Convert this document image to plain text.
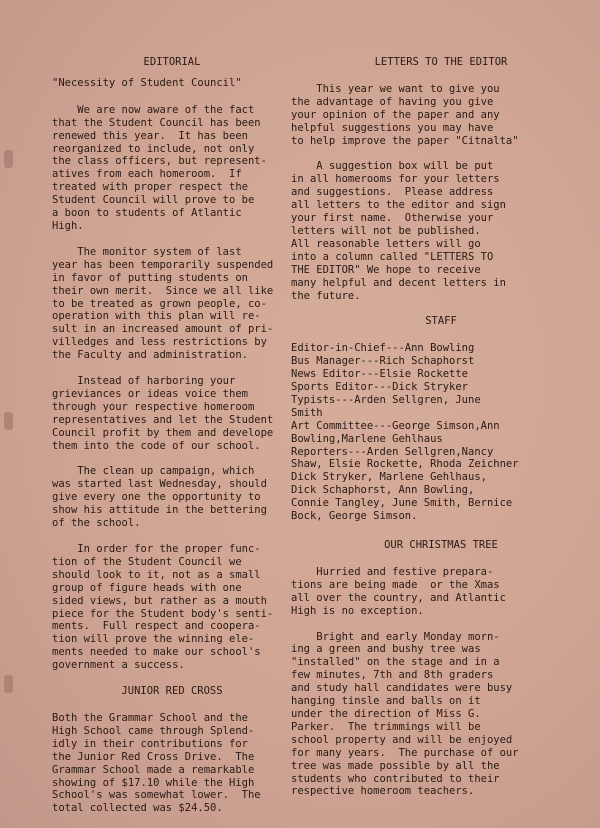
EDITORIAL

"Necessity of Student Council"

We are now aware of the fact
that the Student Council has been
renewed this year.  It has been
reorganized to include, not only
the class officers, but represent-
atives from each homeroom.  If
treated with proper respect the
Student Council will prove to be
a boon to students of Atlantic
High.
The monitor system of last
year has been temporarily suspended
in favor of putting students on
their own merit.  Since we all like
to be treated as grown people, co-
operation with this plan will re-
sult in an increased amount of pri-
villedges and less restrictions by
the Faculty and administration.
Instead of harboring your
grieviances or ideas voice them
through your respective homeroom
representatives and let the Student
Council profit by them and develope
them into the code of our school.
The clean up campaign, which
was started last Wednesday, should
give every one the opportunity to
show his attitude in the bettering
of the school.
In order for the proper func-
tion of the Student Council we
should look to it, not as a small
group of figure heads with one
sided views, but rather as a mouth
piece for the Student body's senti-
ments.  Full respect and coopera-
tion will prove the winning ele-
ments needed to make our school's
government a success.

JUNIOR RED CROSS

Both the Grammar School and the
High School came through Splend-
idly in their contributions for
the Junior Red Cross Drive.  The
Grammar School made a remarkable
showing of $17.10 while the High
School's was somewhat lower.  The
total collected was $24.50.

LETTERS TO THE EDITOR

This year we want to give you
the advantage of having you give
your opinion of the paper and any
helpful suggestions you may have
to help improve the paper "Citnalta"
A suggestion box will be put
in all homerooms for your letters
and suggestions.  Please address
all letters to the editor and sign
your first name.  Otherwise your
letters will not be published.
All reasonable letters will go
into a column called "LETTERS TO
THE EDITOR" We hope to receive
many helpful and decent letters in
the future.

STAFF

Editor-in-Chief---Ann Bowling
Bus Manager---Rich Schaphorst
News Editor---Elsie Rockette
Sports Editor---Dick Stryker
Typists---Arden Sellgren, June
Smith
Art Committee---George Simson,Ann
Bowling,Marlene Gehlhaus
Reporters---Arden Sellgren,Nancy
Shaw, Elsie Rockette, Rhoda Zeichner
Dick Stryker, Marlene Gehlhaus,
Dick Schaphorst, Ann Bowling,
Connie Tangley, June Smith, Bernice
Bock, George Simson.

OUR CHRISTMAS TREE

Hurried and festive prepara-
tions are being made  or the Xmas
all over the country, and Atlantic
High is no exception.
Bright and early Monday morn-
ing a green and bushy tree was
"installed" on the stage and in a
few minutes, 7th and 8th graders
and study hall candidates were busy
hanging tinsle and balls on it
under the direction of Miss G.
Parker.  The trimmings will be
school property and will be enjoyed
for many years.  The purchase of our
tree was made possible by all the
students who contributed to their
respective homeroom teachers.
